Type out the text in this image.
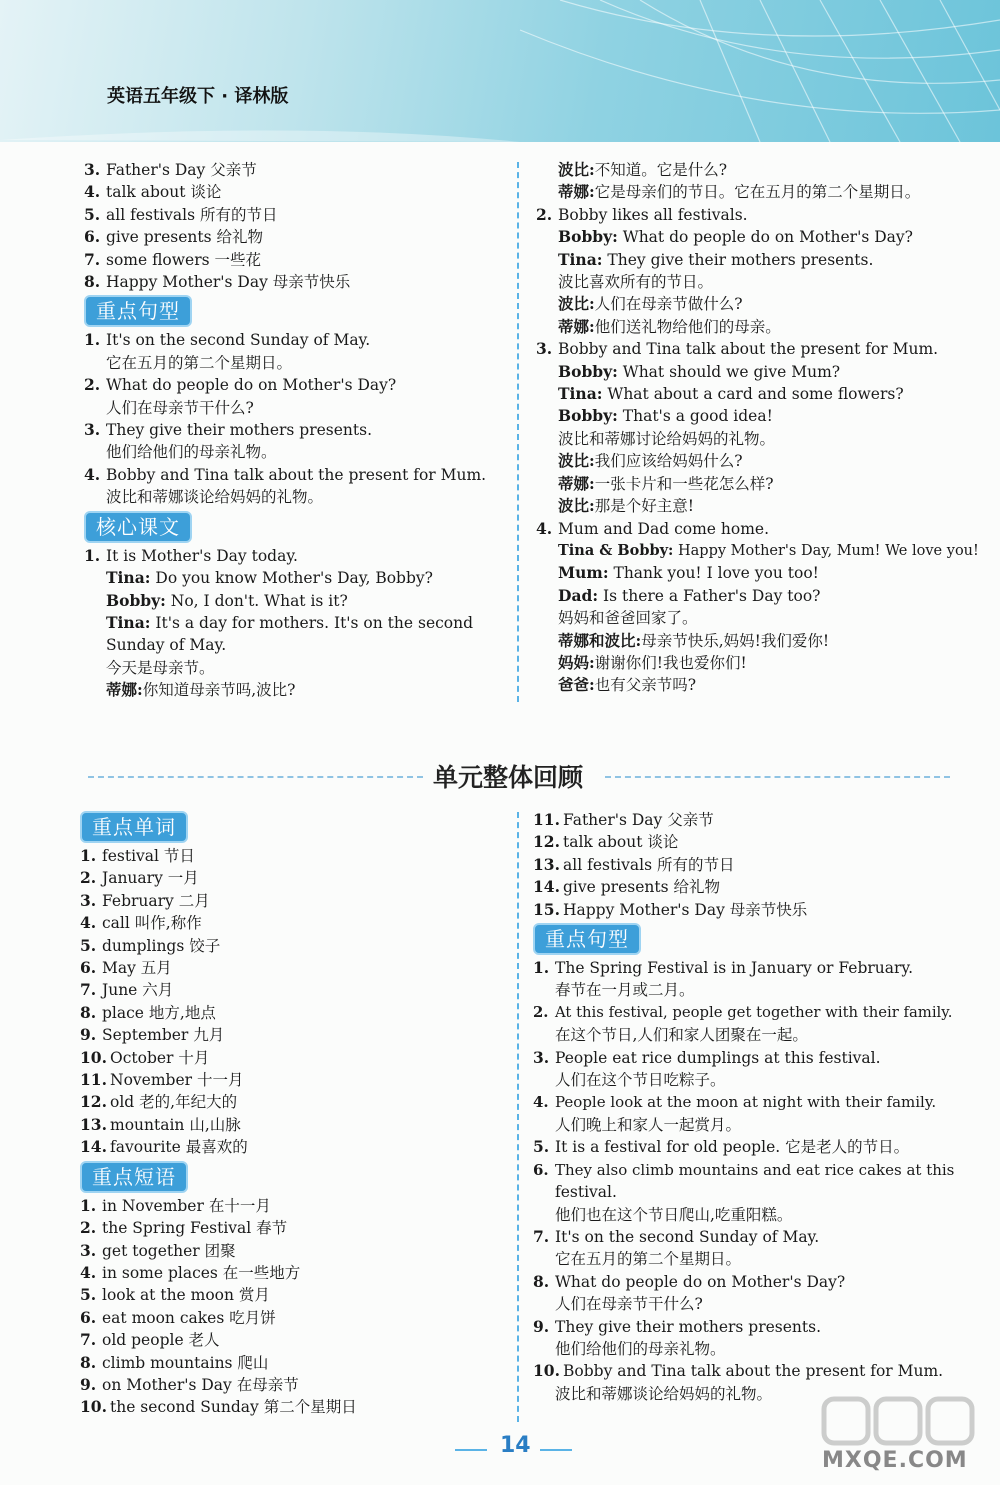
英语五年级下 · 译林版
3. Father's Day 父亲节
4. talk about 谈论
5. all festivals 所有的节日
6. give presents 给礼物
7. some flowers 一些花
8. Happy Mother's Day 母亲节快乐
重点句型
1. It's on the second Sunday of May.
它在五月的第二个星期日。
2. What do people do on Mother's Day?
人们在母亲节干什么?
3. They give their mothers presents.
他们给他们的母亲礼物。
4. Bobby and Tina talk about the present for Mum.
波比和蒂娜谈论给妈妈的礼物。
核心课文
1. It is Mother's Day today.
Tina: Do you know Mother's Day, Bobby?
Bobby: No, I don't. What is it?
Tina: It's a day for mothers. It's on the second
Sunday of May.
今天是母亲节。
蒂娜:你知道母亲节吗,波比?
波比:不知道。它是什么?
蒂娜:它是母亲们的节日。它在五月的第二个星期日。
2. Bobby likes all festivals.
Bobby: What do people do on Mother's Day?
Tina: They give their mothers presents.
波比喜欢所有的节日。
波比:人们在母亲节做什么?
蒂娜:他们送礼物给他们的母亲。
3. Bobby and Tina talk about the present for Mum.
Bobby: What should we give Mum?
Tina: What about a card and some flowers?
Bobby: That's a good idea!
波比和蒂娜讨论给妈妈的礼物。
波比:我们应该给妈妈什么?
蒂娜:一张卡片和一些花怎么样?
波比:那是个好主意!
4. Mum and Dad come home.
Tina & Bobby: Happy Mother's Day, Mum! We love you!
Mum: Thank you! I love you too!
Dad: Is there a Father's Day too?
妈妈和爸爸回家了。
蒂娜和波比:母亲节快乐,妈妈!我们爱你!
妈妈:谢谢你们!我也爱你们!
爸爸:也有父亲节吗?
单元整体回顾
重点单词
1. festival 节日
2. January 一月
3. February 二月
4. call 叫作,称作
5. dumplings 饺子
6. May 五月
7. June 六月
8. place 地方,地点
9. September 九月
10. October 十月
11. November 十一月
12. old 老的,年纪大的
13. mountain 山,山脉
14. favourite 最喜欢的
重点短语
1. in November 在十一月
2. the Spring Festival 春节
3. get together 团聚
4. in some places 在一些地方
5. look at the moon 赏月
6. eat moon cakes 吃月饼
7. old people 老人
8. climb mountains 爬山
9. on Mother's Day 在母亲节
10. the second Sunday 第二个星期日
11. Father's Day 父亲节
12. talk about 谈论
13. all festivals 所有的节日
14. give presents 给礼物
15. Happy Mother's Day 母亲节快乐
重点句型
1. The Spring Festival is in January or February.
春节在一月或二月。
2. At this festival, people get together with their family.
在这个节日,人们和家人团聚在一起。
3. People eat rice dumplings at this festival.
人们在这个节日吃粽子。
4. People look at the moon at night with their family.
人们晚上和家人一起赏月。
5. It is a festival for old people. 它是老人的节日。
6. They also climb mountains and eat rice cakes at this
festival.
他们也在这个节日爬山,吃重阳糕。
7. It's on the second Sunday of May.
它在五月的第二个星期日。
8. What do people do on Mother's Day?
人们在母亲节干什么?
9. They give their mothers presents.
他们给他们的母亲礼物。
10. Bobby and Tina talk about the present for Mum.
波比和蒂娜谈论给妈妈的礼物。
14
MXQE.COM
